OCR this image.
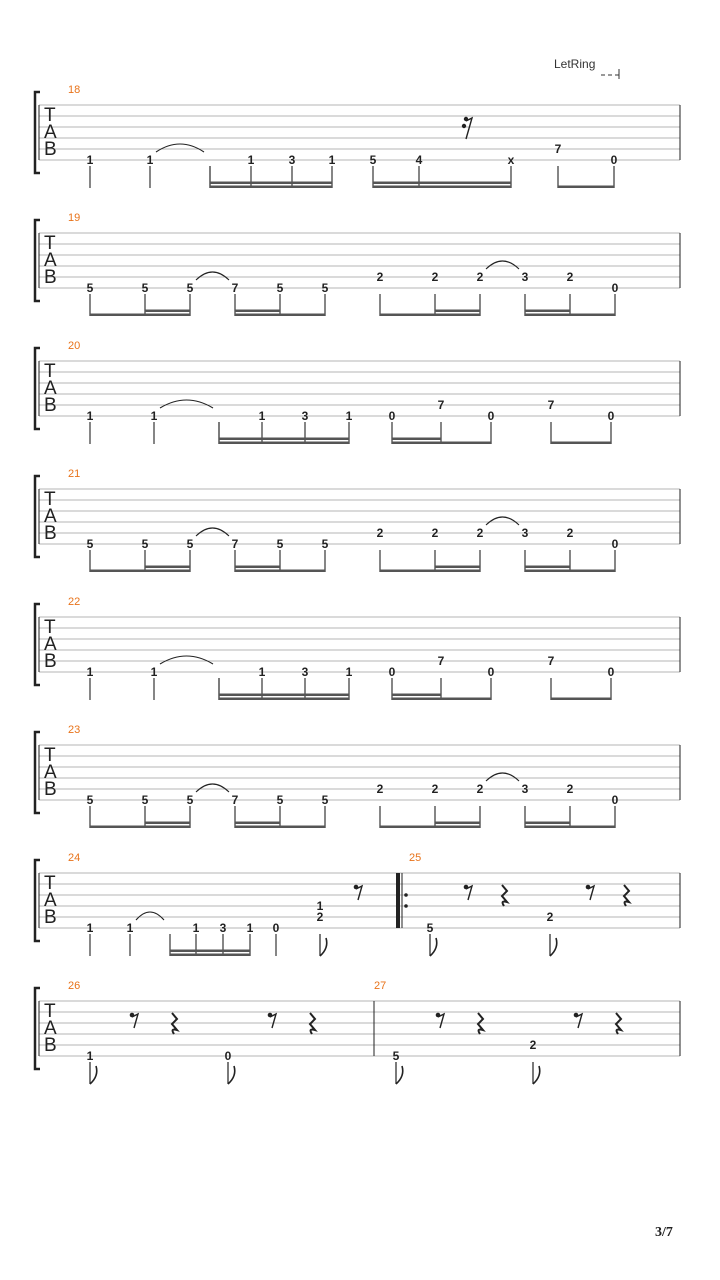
LetRing
T
A
B
18
1	1	1	3	1	5	4	x
7
0
T
A
B
19
5	5	5	7	5	5
2	2	2	3	2
0
T
A
B
20
1	1	1	3	1	0
7
0
7
0
T
A
B
21
5	5	5	7	5	5
2	2	2	3	2
0
T
A
B
22
1	1	1	3	1	0
7
0
7
0
T
A
B
23
5	5	5	7	5	5
2	2	2	3	2
0
T
A
B
24	25
1	1	1 3 1 0
1
2
5
2
T
A
B
26	27
1	0	5
2
3/7
